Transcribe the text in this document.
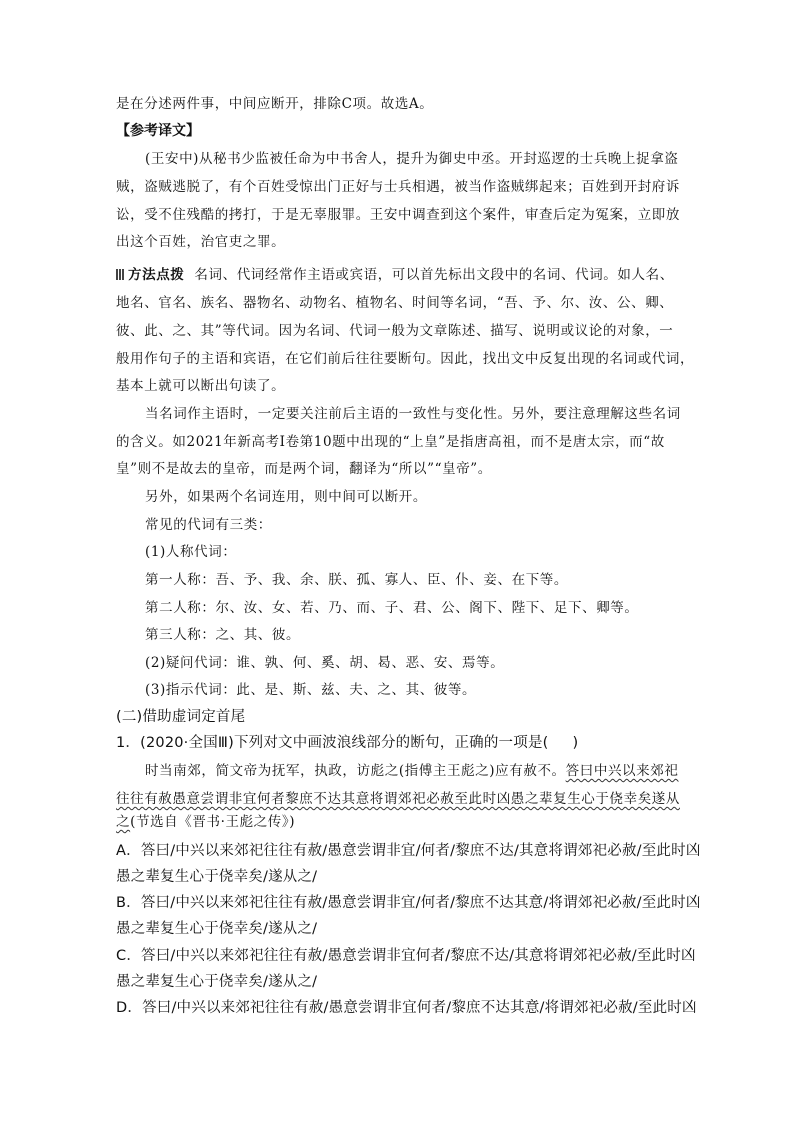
是在分述两件事，中间应断开，排除C项。故选A。
【参考译文】
(王安中)从秘书少监被任命为中书舍人，提升为御史中丞。开封巡逻的士兵晚上捉拿盗
贼，盗贼逃脱了，有个百姓受惊出门正好与士兵相遇，被当作盗贼绑起来；百姓到开封府诉
讼，受不住残酷的拷打，于是无辜服罪。王安中调查到这个案件，审查后定为冤案，立即放
出这个百姓，治官吏之罪。
方法点拨 名词、代词经常作主语或宾语，可以首先标出文段中的名词、代词。如人名、
地名、官名、族名、器物名、动物名、植物名、时间等名词，“吾、予、尔、汝、公、卿、
彼、此、之、其”等代词。因为名词、代词一般为文章陈述、描写、说明或议论的对象，一
般用作句子的主语和宾语，在它们前后往往要断句。因此，找出文中反复出现的名词或代词，
基本上就可以断出句读了。
当名词作主语时，一定要关注前后主语的一致性与变化性。另外，要注意理解这些名词
的含义。如2021年新高考Ⅰ卷第10题中出现的“上皇”是指唐高祖，而不是唐太宗，而“故
皇”则不是故去的皇帝，而是两个词，翻译为“所以”“皇帝”。
另外，如果两个名词连用，则中间可以断开。
常见的代词有三类：
(1)人称代词：
第一人称：吾、予、我、余、朕、孤、寡人、臣、仆、妾、在下等。
第二人称：尔、汝、女、若、乃、而、子、君、公、阁下、陛下、足下、卿等。
第三人称：之、其、彼。
(2)疑问代词：谁、孰、何、奚、胡、曷、恶、安、焉等。
(3)指示代词：此、是、斯、兹、夫、之、其、彼等。
(二)借助虚词定首尾
1．(2020·全国Ⅲ)下列对文中画波浪线部分的断句，正确的一项是( )
时当南郊，简文帝为抚军，执政，访彪之(指傅主王彪之)应有赦不。答曰中兴以来郊祀
往往有赦愚意尝谓非宜何者黎庶不达其意将谓郊祀必赦至此时凶愚之辈复生心于侥幸矣遂从
之(节选自《晋书·王彪之传》)
A．答曰/中兴以来郊祀往往有赦/愚意尝谓非宜/何者/黎庶不达/其意将谓郊祀必赦/至此时凶
愚之辈复生心于侥幸矣/遂从之/
B．答曰/中兴以来郊祀往往有赦/愚意尝谓非宜/何者/黎庶不达其意/将谓郊祀必赦/至此时凶
愚之辈复生心于侥幸矣/遂从之/
C．答曰/中兴以来郊祀往往有赦/愚意尝谓非宜何者/黎庶不达/其意将谓郊祀必赦/至此时凶
愚之辈复生心于侥幸矣/遂从之/
D．答曰/中兴以来郊祀往往有赦/愚意尝谓非宜何者/黎庶不达其意/将谓郊祀必赦/至此时凶
